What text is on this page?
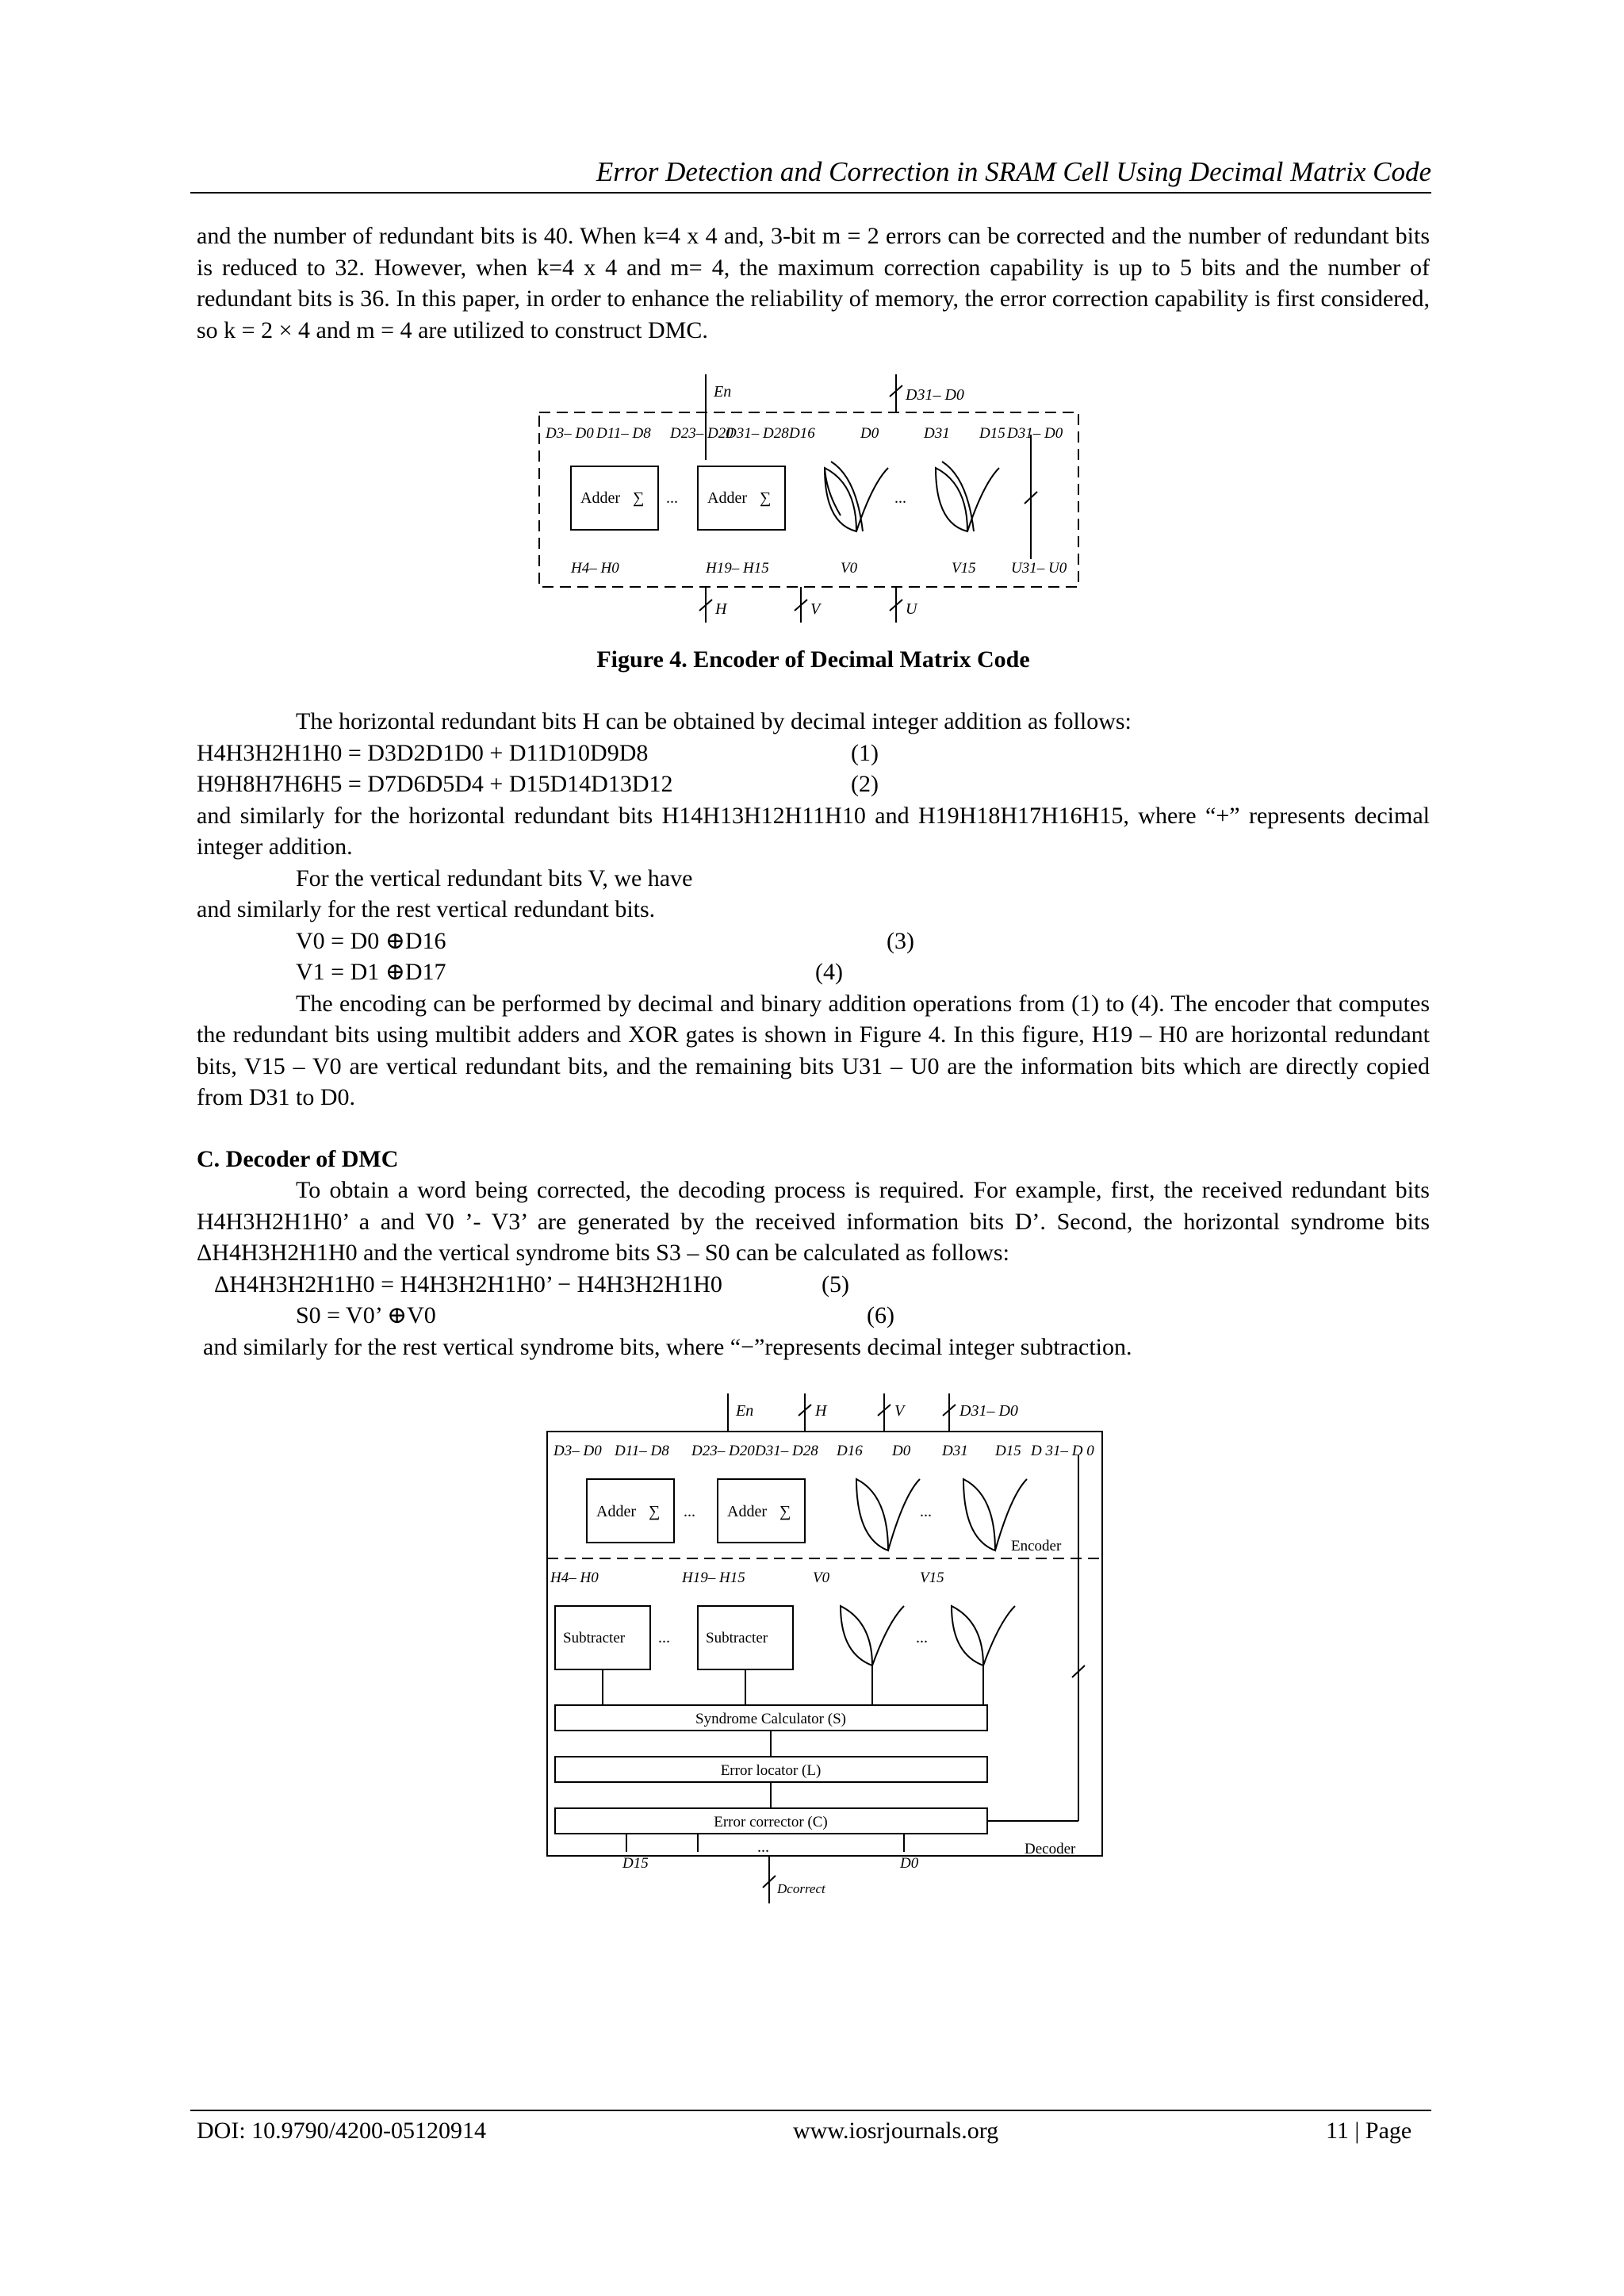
Error Detection and Correction in SRAM Cell Using Decimal Matrix Code
and the number of redundant bits is 40. When k=4 x 4 and, 3-bit m = 2 errors can be corrected and the number of redundant bits is reduced to 32. However, when k=4 x 4 and m= 4, the maximum correction capability is up to 5 bits and the number of redundant bits is 36. In this paper, in order to enhance the reliability of memory, the error correction capability is first considered, so k = 2 × 4 and m = 4 are utilized to construct DMC.
En	D31– D0
D3– D0 D11– D8 D23– D20
D31– D28 D16	D0	D31 D15 D31– D0
Adder ∑ ... Adder ∑	...
H4– H0	H19– H15	V0	V15 U31– U0
H	V	U
Figure 4. Encoder of Decimal Matrix Code
The horizontal redundant bits H can be obtained by decimal integer addition as follows:
H4H3H2H1H0 = D3D2D1D0 + D11D10D9D8	(1)
H9H8H7H6H5 = D7D6D5D4 + D15D14D13D12	(2)
and similarly for the horizontal redundant bits H14H13H12H11H10 and H19H18H17H16H15, where “+” represents decimal integer addition.
For the vertical redundant bits V, we have
and similarly for the rest vertical redundant bits.
V0 = D0 ⊕D16	(3)
V1 = D1 ⊕D17	(4)
The encoding can be performed by decimal and binary addition operations from (1) to (4). The encoder that computes the redundant bits using multibit adders and XOR gates is shown in Figure 4. In this figure, H19 – H0 are horizontal redundant bits, V15 – V0 are vertical redundant bits, and the remaining bits U31 – U0 are the information bits which are directly copied from D31 to D0.
C. Decoder of DMC
To obtain a word being corrected, the decoding process is required. For example, first, the received redundant bits H4H3H2H1H0’ a and V0 ’- V3’ are generated by the received information bits D’. Second, the horizontal syndrome bits ΔH4H3H2H1H0 and the vertical syndrome bits S3 – S0 can be calculated as follows:
ΔH4H3H2H1H0 = H4H3H2H1H0’ − H4H3H2H1H0	(5)
S0 = V0’ ⊕V0	(6)
and similarly for the rest vertical syndrome bits, where “−”represents decimal integer subtraction.
En	H	V	D31– D0
D3– D0 D11– D8 D23– D20 D31– D28 D16 D0 D31 D15 D 31– D 0
Adder ∑ ... Adder ∑	...
Encoder
H4– H0	H19– H15	V0	V15
Subtracter ... Subtracter	...
Syndrome Calculator (S)
Error locator (L)
Error corrector (C)
D15
...
D0
Decoder
Dcorrect
DOI: 10.9790/4200-05120914	www.iosrjournals.org	11 | Page
